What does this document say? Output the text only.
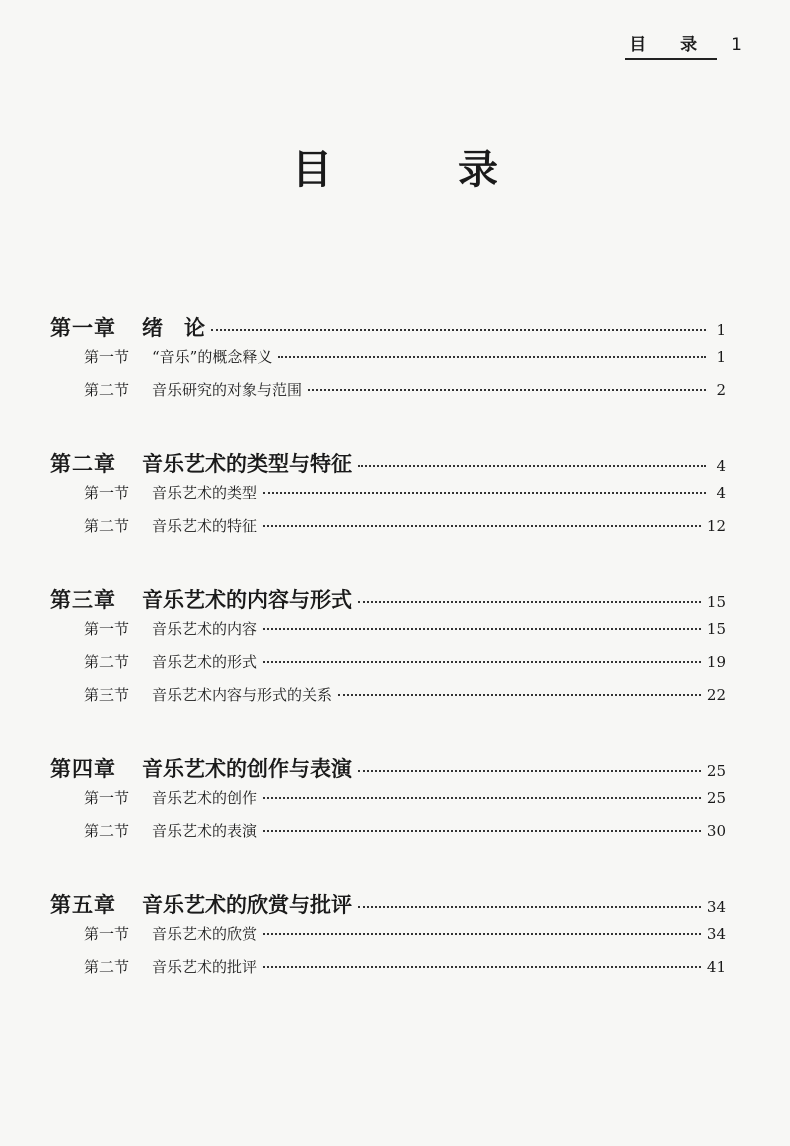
目 录	1
目 录
第一章 绪　论	1
第一节 “音乐”的概念释义	1
第二节 音乐研究的对象与范围	2
第二章 音乐艺术的类型与特征	4
第一节 音乐艺术的类型	4
第二节 音乐艺术的特征	12
第三章 音乐艺术的内容与形式	15
第一节 音乐艺术的内容	15
第二节 音乐艺术的形式	19
第三节 音乐艺术内容与形式的关系	22
第四章 音乐艺术的创作与表演	25
第一节 音乐艺术的创作	25
第二节 音乐艺术的表演	30
第五章 音乐艺术的欣赏与批评	34
第一节 音乐艺术的欣赏	34
第二节 音乐艺术的批评	41
